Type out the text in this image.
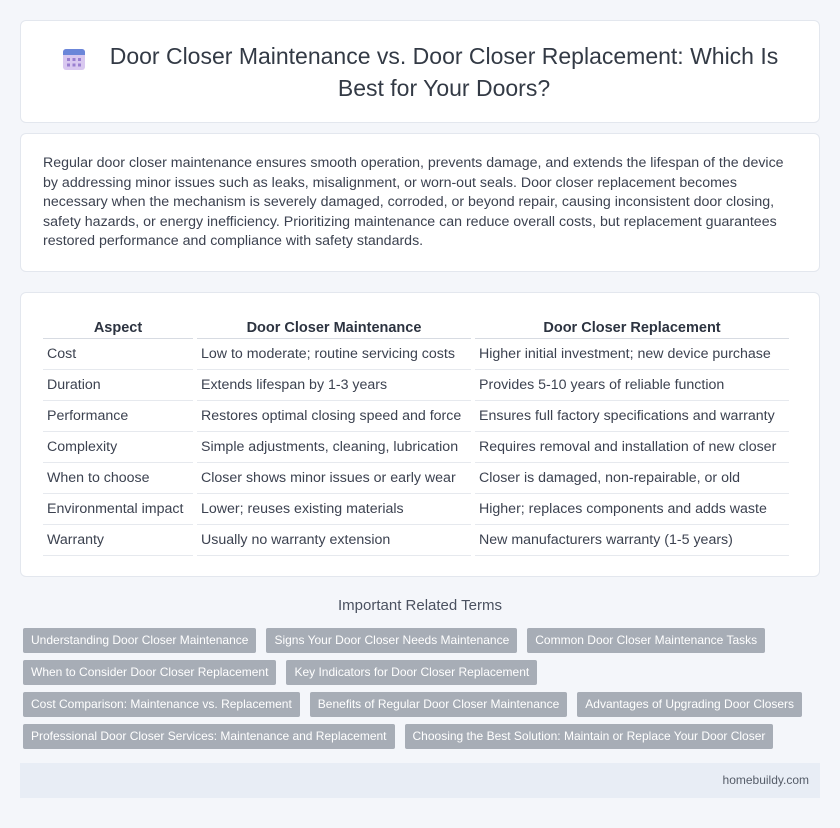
Door Closer Maintenance vs. Door Closer Replacement: Which Is Best for Your Doors?

Regular door closer maintenance ensures smooth operation, prevents damage, and extends the lifespan of the device by addressing minor issues such as leaks, misalignment, or worn-out seals. Door closer replacement becomes necessary when the mechanism is severely damaged, corroded, or beyond repair, causing inconsistent door closing, safety hazards, or energy inefficiency. Prioritizing maintenance can reduce overall costs, but replacement guarantees restored performance and compliance with safety standards.

Aspect	Door Closer Maintenance	Door Closer Replacement
Cost	Low to moderate; routine servicing costs	Higher initial investment; new device purchase
Duration	Extends lifespan by 1-3 years	Provides 5-10 years of reliable function
Performance	Restores optimal closing speed and force	Ensures full factory specifications and warranty
Complexity	Simple adjustments, cleaning, lubrication	Requires removal and installation of new closer
When to choose	Closer shows minor issues or early wear	Closer is damaged, non-repairable, or old
Environmental impact	Lower; reuses existing materials	Higher; replaces components and adds waste
Warranty	Usually no warranty extension	New manufacturers warranty (1-5 years)
Important Related Terms
Understanding Door Closer Maintenance	Signs Your Door Closer Needs Maintenance	Common Door Closer Maintenance Tasks
When to Consider Door Closer Replacement	Key Indicators for Door Closer Replacement
Cost Comparison: Maintenance vs. Replacement	Benefits of Regular Door Closer Maintenance	Advantages of Upgrading Door Closers
Professional Door Closer Services: Maintenance and Replacement	Choosing the Best Solution: Maintain or Replace Your Door Closer
homebuildy.com
